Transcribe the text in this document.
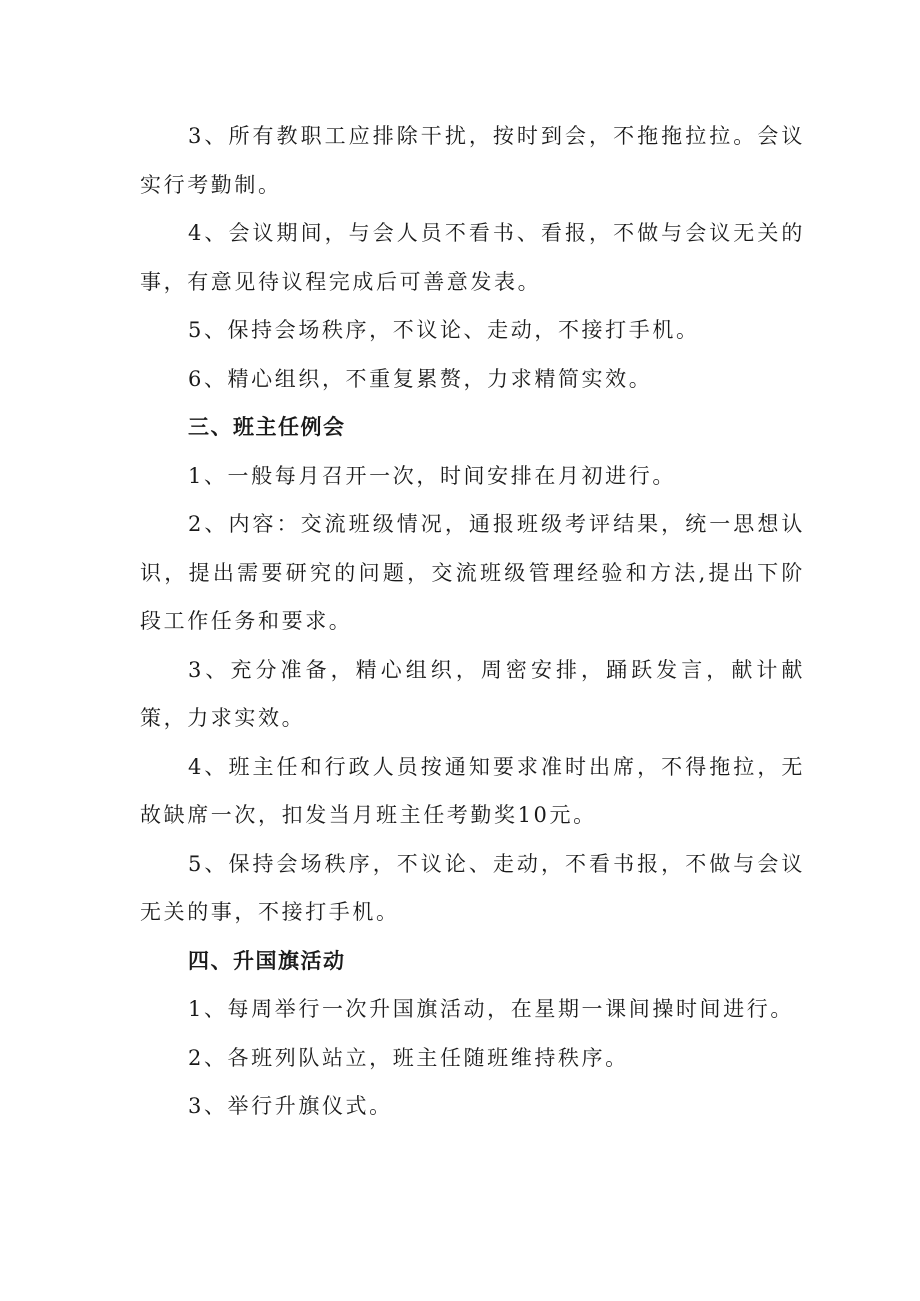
3、所有教职工应排除干扰，按时到会，不拖拖拉拉。会议实行考勤制。

4、会议期间，与会人员不看书、看报，不做与会议无关的事，有意见待议程完成后可善意发表。

5、保持会场秩序，不议论、走动，不接打手机。

6、精心组织，不重复累赘，力求精简实效。

三、班主任例会

1、一般每月召开一次，时间安排在月初进行。

2、内容：交流班级情况，通报班级考评结果，统一思想认识，提出需要研究的问题，交流班级管理经验和方法,提出下阶段工作任务和要求。

3、充分准备，精心组织，周密安排，踊跃发言，献计献策，力求实效。

4、班主任和行政人员按通知要求准时出席，不得拖拉，无故缺席一次，扣发当月班主任考勤奖10元。

5、保持会场秩序，不议论、走动，不看书报，不做与会议无关的事，不接打手机。

四、升国旗活动

1、每周举行一次升国旗活动，在星期一课间操时间进行。

2、各班列队站立，班主任随班维持秩序。

3、举行升旗仪式。
